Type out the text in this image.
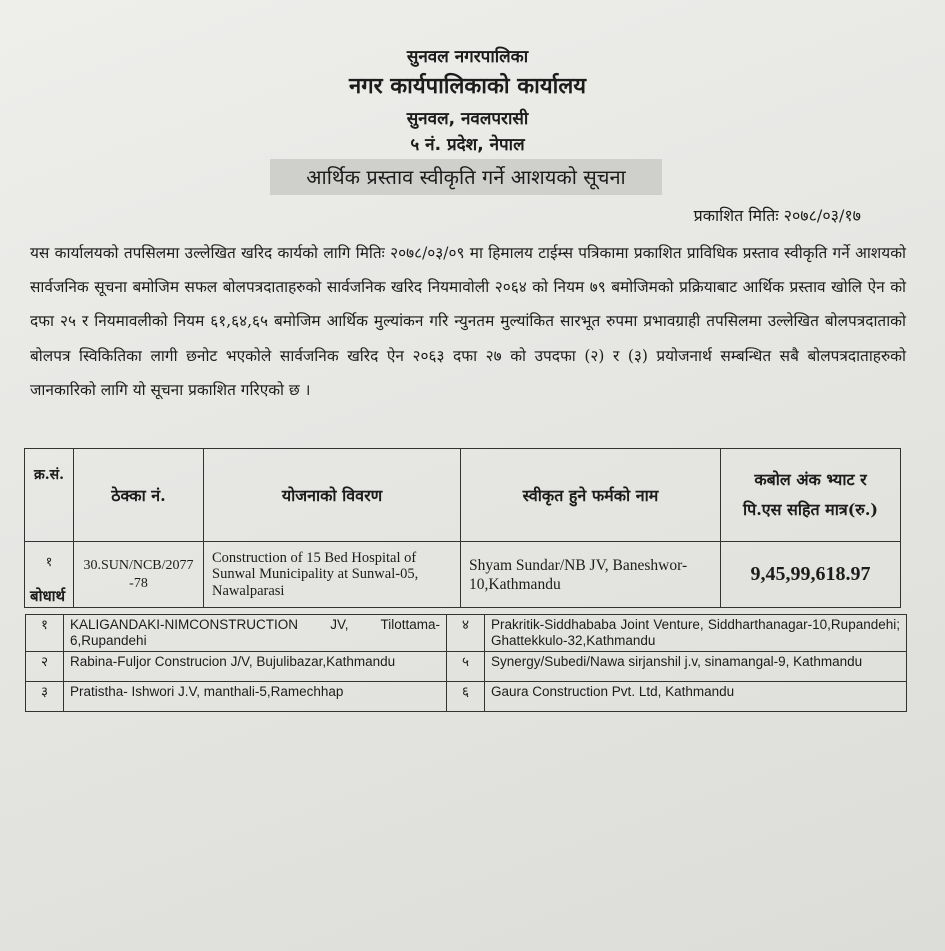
सुनवल नगरपालिका
नगर कार्यपालिकाको कार्यालय
सुनवल, नवलपरासी
५ नं. प्रदेश, नेपाल
आर्थिक प्रस्ताव स्वीकृति गर्ने आशयको सूचना
प्रकाशित मितिः २०७८/०३/१७
यस कार्यालयको तपसिलमा उल्लेखित खरिद कार्यको लागि मितिः २०७८/०३/०९ मा हिमालय टाईम्स पत्रिकामा प्रकाशित प्राविधिक प्रस्ताव स्वीकृति गर्ने आशयको सार्वजनिक सूचना बमोजिम सफल बोलपत्रदाताहरुको सार्वजनिक खरिद नियमावोली २०६४ को नियम ७९ बमोजिमको प्रक्रियाबाट आर्थिक प्रस्ताव खोलि ऐन को दफा २५ र नियमावलीको नियम ६१,६४,६५ बमोजिम आर्थिक मुल्यांकन गरि न्युनतम मुल्यांकित सारभूत रुपमा प्रभावग्राही तपसिलमा उल्लेखित बोलपत्रदाताको बोलपत्र स्विकितिका लागी छनोट भएकोले सार्वजनिक खरिद ऐन २०६३ दफा २७ को उपदफा (२) र (३) प्रयोजनार्थ सम्बन्धित सबै बोलपत्रदाताहरुको जानकारिको लागि यो सूचना प्रकाशित गरिएको छ ।
क्र.सं.	ठेक्का नं.	योजनाको विवरण	स्वीकृत हुने फर्मको नाम	कबोल अंक भ्याट र
पि.एस सहित मात्र(रु.)

१	30.SUN/NCB/2077-78	Construction of 15 Bed Hospital of Sunwal Municipality at Sunwal-05, Nawalparasi	Shyam Sundar/NB JV, Baneshwor-10,Kathmandu	9,45,99,618.97
बोधार्थ
१	KALIGANDAKI-NIMCONSTRUCTION JV, Tilottama-6,Rupandehi	४	Prakritik-Siddhababa Joint Venture, Siddharthanagar-10,Rupandehi; Ghattekkulo-32,Kathmandu
२	Rabina-Fuljor Construcion J/V, Bujulibazar,Kathmandu	५	Synergy/Subedi/Nawa sirjanshil j.v, sinamangal-9, Kathmandu
३	Pratistha- Ishwori J.V, manthali-5,Ramechhap	६	Gaura Construction Pvt. Ltd, Kathmandu
